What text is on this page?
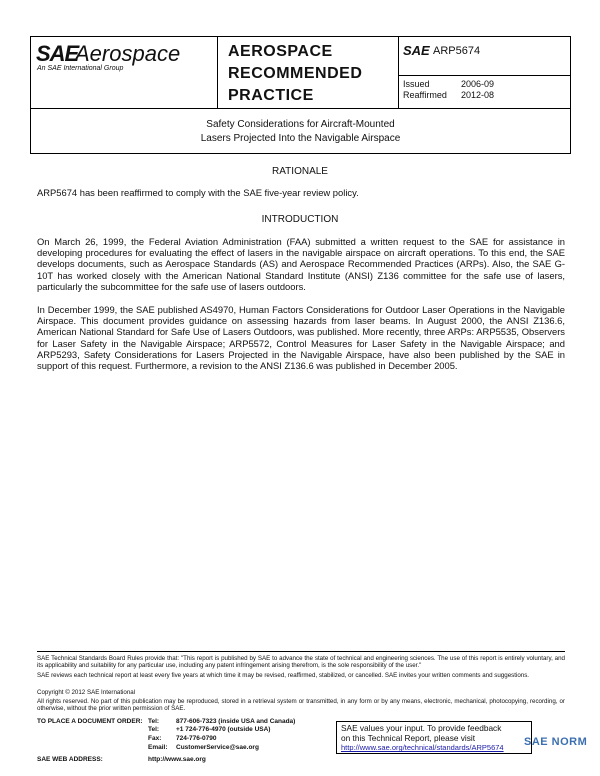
SAE
Aerospace
An SAE International Group
AEROSPACE
RECOMMENDED
PRACTICE
SAE ARP5674
Issued	2006-09
Reaffirmed 2012-08
Safety Considerations for Aircraft-Mounted
Lasers Projected Into the Navigable Airspace
RATIONALE
ARP5674 has been reaffirmed to comply with the SAE five-year review policy.
INTRODUCTION
On March 26, 1999, the Federal Aviation Administration (FAA) submitted a written request to the SAE for assistance in developing procedures for evaluating the effect of lasers in the navigable airspace on aircraft operations. To this end, the SAE develops documents, such as Aerospace Standards (AS) and Aerospace Recommended Practices (ARPs). Also, the SAE G-10T has worked closely with the American National Standard Institute (ANSI) Z136 committee for the safe use of lasers, particularly the subcommittee for the safe use of lasers outdoors.
In December 1999, the SAE published AS4970, Human Factors Considerations for Outdoor Laser Operations in the Navigable Airspace. This document provides guidance on assessing hazards from laser beams. In August 2000, the ANSI Z136.6, American National Standard for Safe Use of Lasers Outdoors, was published. More recently, three ARPs: ARP5535, Observers for Laser Safety in the Navigable Airspace; ARP5572, Control Measures for Laser Safety in the Navigable Airspace; and ARP5293, Safety Considerations for Lasers Projected in the Navigable Airspace, have also been published by the SAE in support of this request. Furthermore, a revision to the ANSI Z136.6 was published in December 2005.
SAE Technical Standards Board Rules provide that: "This report is published by SAE to advance the state of technical and engineering sciences. The use of this report is entirely voluntary, and its applicability and suitability for any particular use, including any patent infringement arising therefrom, is the sole responsibility of the user."
SAE reviews each technical report at least every five years at which time it may be revised, reaffirmed, stabilized, or cancelled. SAE invites your written comments and suggestions.
Copyright © 2012 SAE International
All rights reserved. No part of this publication may be reproduced, stored in a retrieval system or transmitted, in any form or by any means, electronic, mechanical, photocopying, recording, or otherwise, without the prior written permission of SAE.
TO PLACE A DOCUMENT ORDER: Tel:	877-606-7323 (inside USA and Canada)
Tel:	+1 724-776-4970 (outside USA)
Fax: 724-776-0790
Email: CustomerService@sae.org
SAE WEB ADDRESS:	http://www.sae.org
SAE values your input. To provide feedback
on this Technical Report, please visit
http://www.sae.org/technical/standards/ARP5674	SAE NORM
